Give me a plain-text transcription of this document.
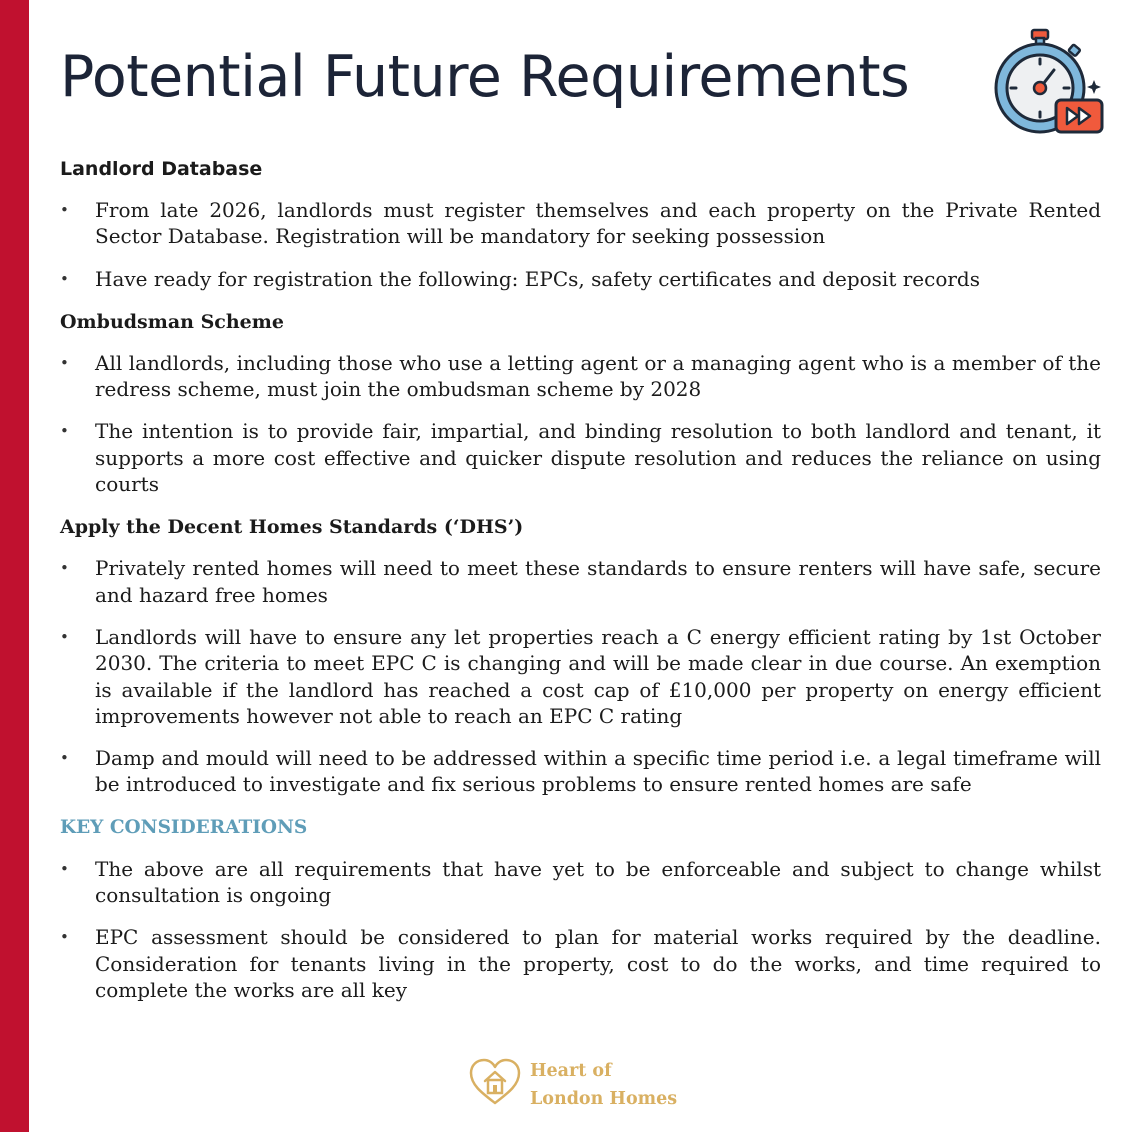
Potential Future Requirements

Landlord Database

• From late 2026, landlords must register themselves and each property on the Private Rented Sector Database. Registration will be mandatory for seeking possession
• Have ready for registration the following: EPCs, safety certificates and deposit records

Ombudsman Scheme

• All landlords, including those who use a letting agent or a managing agent who is a member of the redress scheme, must join the ombudsman scheme by 2028
• The intention is to provide fair, impartial, and binding resolution to both landlord and tenant, it supports a more cost effective and quicker dispute resolution and reduces the reliance on using courts

Apply the Decent Homes Standards (‘DHS’)

• Privately rented homes will need to meet these standards to ensure renters will have safe, secure and hazard free homes
• Landlords will have to ensure any let properties reach a C energy efficient rating by 1st October 2030. The criteria to meet EPC C is changing and will be made clear in due course. An exemption is available if the landlord has reached a cost cap of £10,000 per property on energy efficient improvements however not able to reach an EPC C rating
• Damp and mould will need to be addressed within a specific time period i.e. a legal timeframe will be introduced to investigate and fix serious problems to ensure rented homes are safe

KEY CONSIDERATIONS

• The above are all requirements that have yet to be enforceable and subject to change whilst consultation is ongoing
• EPC assessment should be considered to plan for material works required by the deadline. Consideration for tenants living in the property, cost to do the works, and time required to complete the works are all key
Heart of
London Homes
